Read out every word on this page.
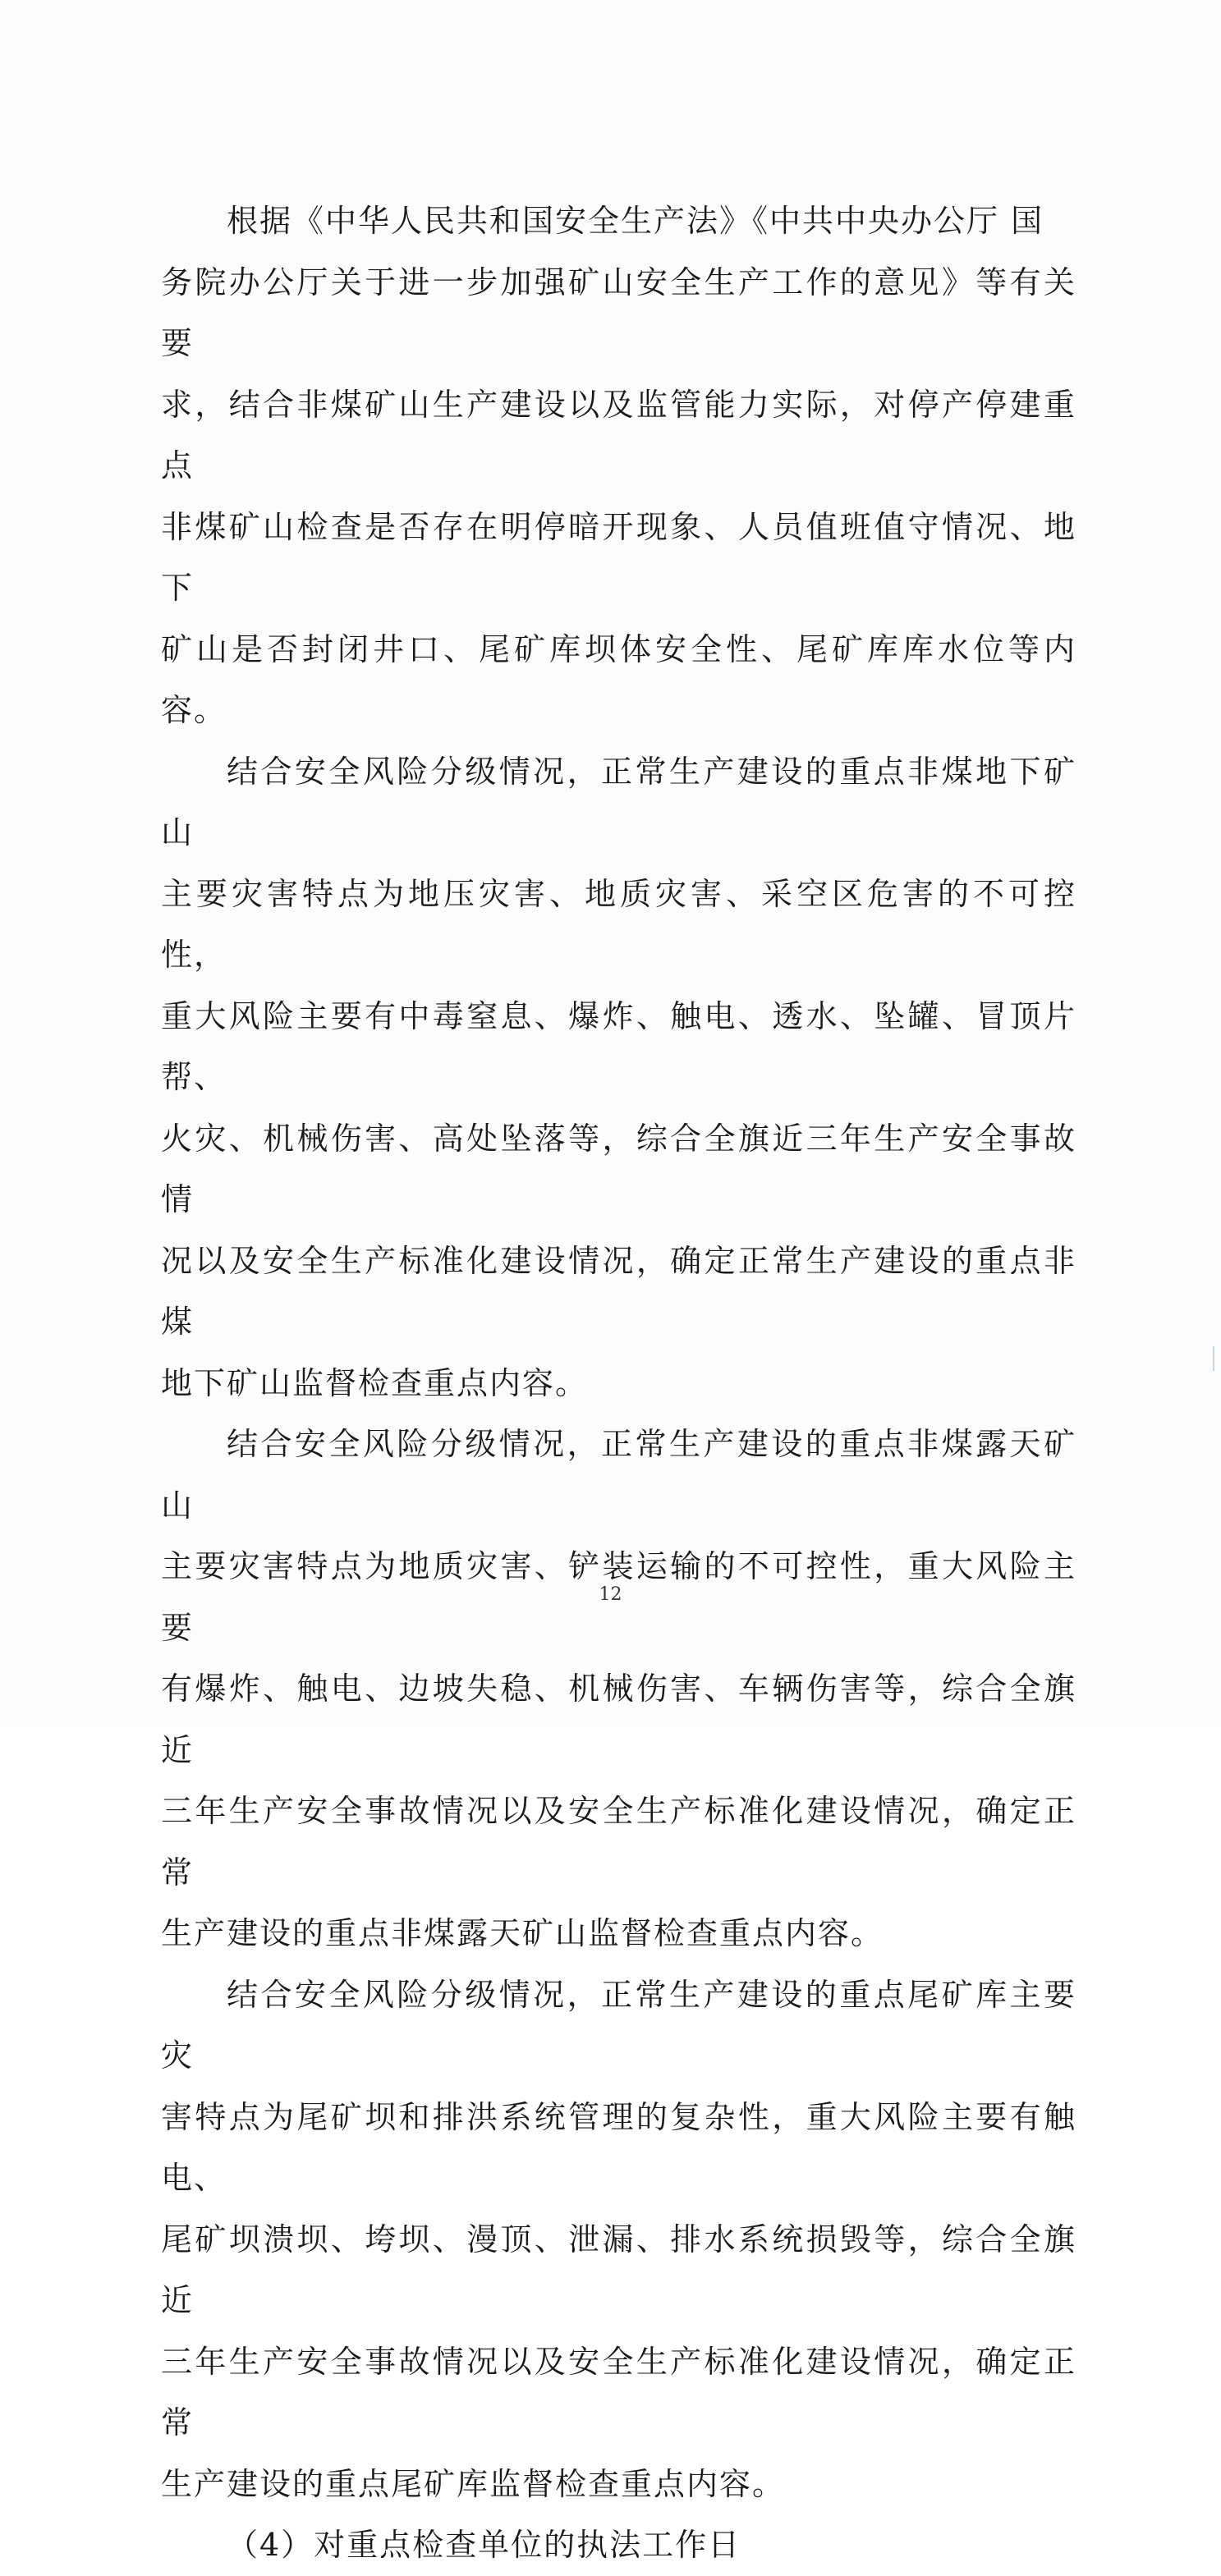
根据《中华人民共和国安全生产法》《中共中央办公厅 国
务院办公厅关于进一步加强矿山安全生产工作的意见》等有关要
求，结合非煤矿山生产建设以及监管能力实际，对停产停建重点
非煤矿山检查是否存在明停暗开现象、人员值班值守情况、地下
矿山是否封闭井口、尾矿库坝体安全性、尾矿库库水位等内容。

结合安全风险分级情况，正常生产建设的重点非煤地下矿山
主要灾害特点为地压灾害、地质灾害、采空区危害的不可控性，
重大风险主要有中毒窒息、爆炸、触电、透水、坠罐、冒顶片帮、
火灾、机械伤害、高处坠落等，综合全旗近三年生产安全事故情
况以及安全生产标准化建设情况，确定正常生产建设的重点非煤
地下矿山监督检查重点内容。

结合安全风险分级情况，正常生产建设的重点非煤露天矿山
主要灾害特点为地质灾害、铲装运输的不可控性，重大风险主要
有爆炸、触电、边坡失稳、机械伤害、车辆伤害等，综合全旗近
三年生产安全事故情况以及安全生产标准化建设情况，确定正常
生产建设的重点非煤露天矿山监督检查重点内容。

结合安全风险分级情况，正常生产建设的重点尾矿库主要灾
害特点为尾矿坝和排洪系统管理的复杂性，重大风险主要有触电、
尾矿坝溃坝、垮坝、漫顶、泄漏、排水系统损毁等，综合全旗近
三年生产安全事故情况以及安全生产标准化建设情况，确定正常
生产建设的重点尾矿库监督检查重点内容。

（4）对重点检查单位的执法工作日

12
